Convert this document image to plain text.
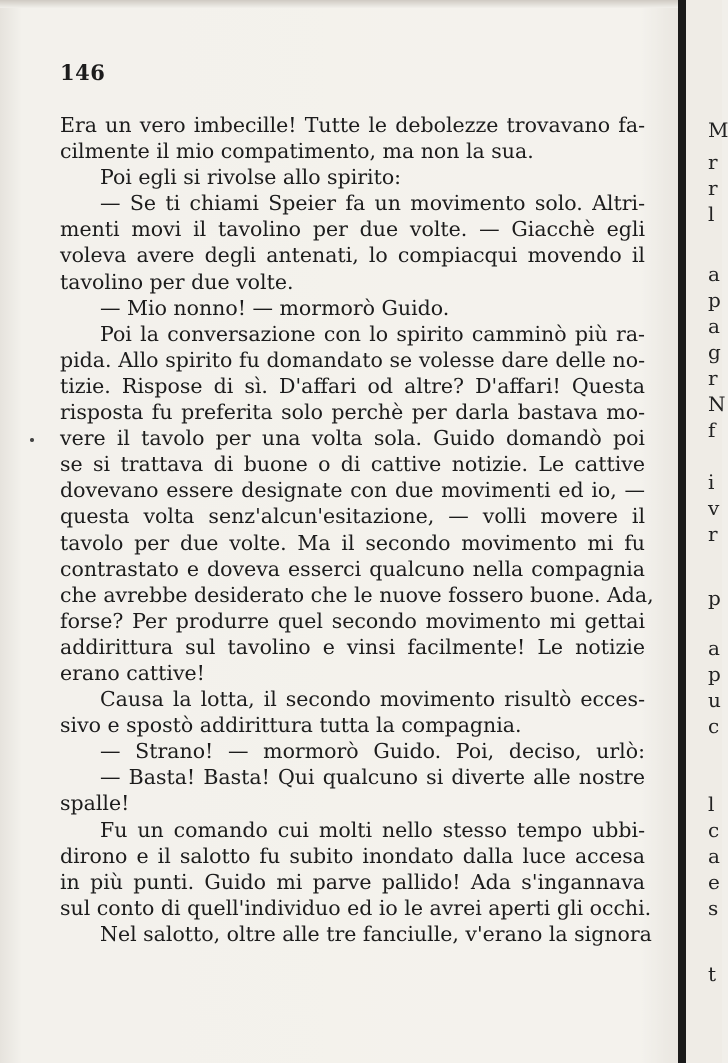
146
Era un vero imbecille! Tutte le debolezze trovavano fa-
cilmente il mio compatimento, ma non la sua.
Poi egli si rivolse allo spirito:
— Se ti chiami Speier fa un movimento solo. Altri-
menti movi il tavolino per due volte. — Giacchè egli
voleva avere degli antenati, lo compiacqui movendo il
tavolino per due volte.
— Mio nonno! — mormorò Guido.
Poi la conversazione con lo spirito camminò più ra-
pida. Allo spirito fu domandato se volesse dare delle no-
tizie. Rispose di sì. D'affari od altre? D'affari! Questa
risposta fu preferita solo perchè per darla bastava mo-
vere il tavolo per una volta sola. Guido domandò poi
se si trattava di buone o di cattive notizie. Le cattive
dovevano essere designate con due movimenti ed io, —
questa volta senz'alcun'esitazione, — volli movere il
tavolo per due volte. Ma il secondo movimento mi fu
contrastato e doveva esserci qualcuno nella compagnia
che avrebbe desiderato che le nuove fossero buone. Ada,
forse? Per produrre quel secondo movimento mi gettai
addirittura sul tavolino e vinsi facilmente! Le notizie
erano cattive!
Causa la lotta, il secondo movimento risultò ecces-
sivo e spostò addirittura tutta la compagnia.
— Strano! — mormorò Guido. Poi, deciso, urlò:
— Basta! Basta! Qui qualcuno si diverte alle nostre
spalle!
Fu un comando cui molti nello stesso tempo ubbi-
dirono e il salotto fu subito inondato dalla luce accesa
in più punti. Guido mi parve pallido! Ada s'ingannava
sul conto di quell'individuo ed io le avrei aperti gli occhi.
Nel salotto, oltre alle tre fanciulle, v'erano la signora
M
r
r
l
a
p
a
g
r
N
f
i
v
r
p
a
p
u
c
l
c
a
e
s
t
